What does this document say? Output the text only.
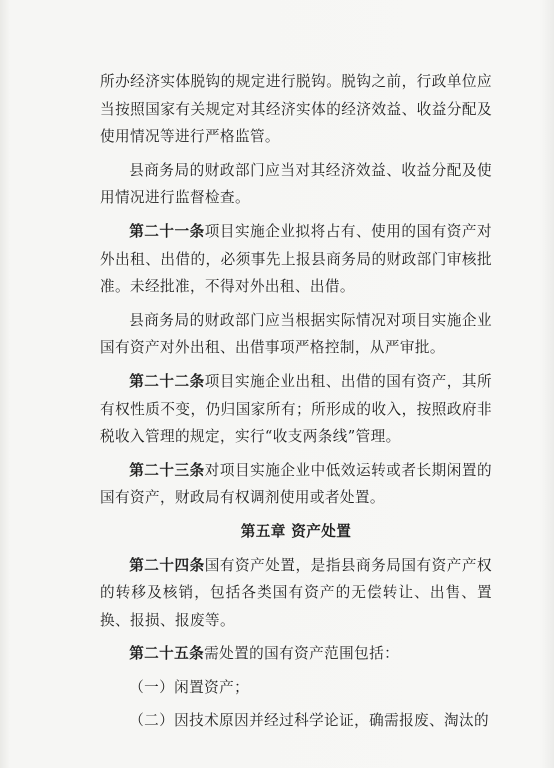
所办经济实体脱钩的规定进行脱钩。脱钩之前，行政单位应当按照国家有关规定对其经济实体的经济效益、收益分配及使用情况等进行严格监管。

县商务局的财政部门应当对其经济效益、收益分配及使用情况进行监督检查。

第二十一条项目实施企业拟将占有、使用的国有资产对外出租、出借的，必须事先上报县商务局的财政部门审核批准。未经批准，不得对外出租、出借。

县商务局的财政部门应当根据实际情况对项目实施企业国有资产对外出租、出借事项严格控制，从严审批。

第二十二条项目实施企业出租、出借的国有资产，其所有权性质不变，仍归国家所有；所形成的收入，按照政府非税收入管理的规定，实行“收支两条线”管理。

第二十三条对项目实施企业中低效运转或者长期闲置的国有资产，财政局有权调剂使用或者处置。

第五章 资产处置

第二十四条国有资产处置，是指县商务局国有资产产权的转移及核销，包括各类国有资产的无偿转让、出售、置换、报损、报废等。

第二十五条需处置的国有资产范围包括：

（一）闲置资产；

（二）因技术原因并经过科学论证，确需报废、淘汰的
